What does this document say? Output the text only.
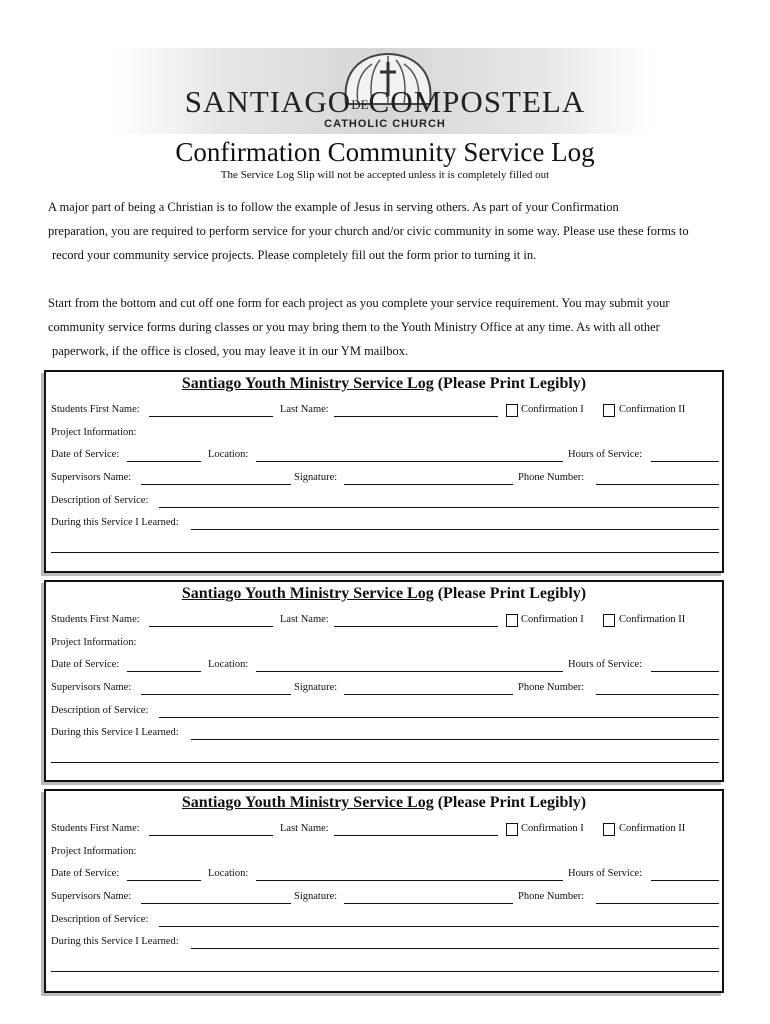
SANTIAGODECOMPOSTELA
CATHOLIC CHURCH
Confirmation Community Service Log
The Service Log Slip will not be accepted unless it is completely filled out
A major part of being a Christian is to follow the example of Jesus in serving others. As part of your Confirmation
preparation, you are required to perform service for your church and/or civic community in some way. Please use these forms to
record your community service projects. Please completely fill out the form prior to turning it in.
Start from the bottom and cut off one form for each project as you complete your service requirement. You may submit your
community service forms during classes or you may bring them to the Youth Ministry Office at any time. As with all other
paperwork, if the office is closed, you may leave it in our YM mailbox.
Santiago Youth Ministry Service Log (Please Print Legibly)
Students First Name:	Last Name:	Confirmation I	Confirmation II
Project Information:
Date of Service:	Location:	Hours of Service:
Supervisors Name:	Signature:	Phone Number:
Description of Service:
During this Service I Learned:
Santiago Youth Ministry Service Log (Please Print Legibly)
Students First Name:	Last Name:	Confirmation I	Confirmation II
Project Information:
Date of Service:	Location:	Hours of Service:
Supervisors Name:	Signature:	Phone Number:
Description of Service:
During this Service I Learned:
Santiago Youth Ministry Service Log (Please Print Legibly)
Students First Name:	Last Name:	Confirmation I	Confirmation II
Project Information:
Date of Service:	Location:	Hours of Service:
Supervisors Name:	Signature:	Phone Number:
Description of Service:
During this Service I Learned:
